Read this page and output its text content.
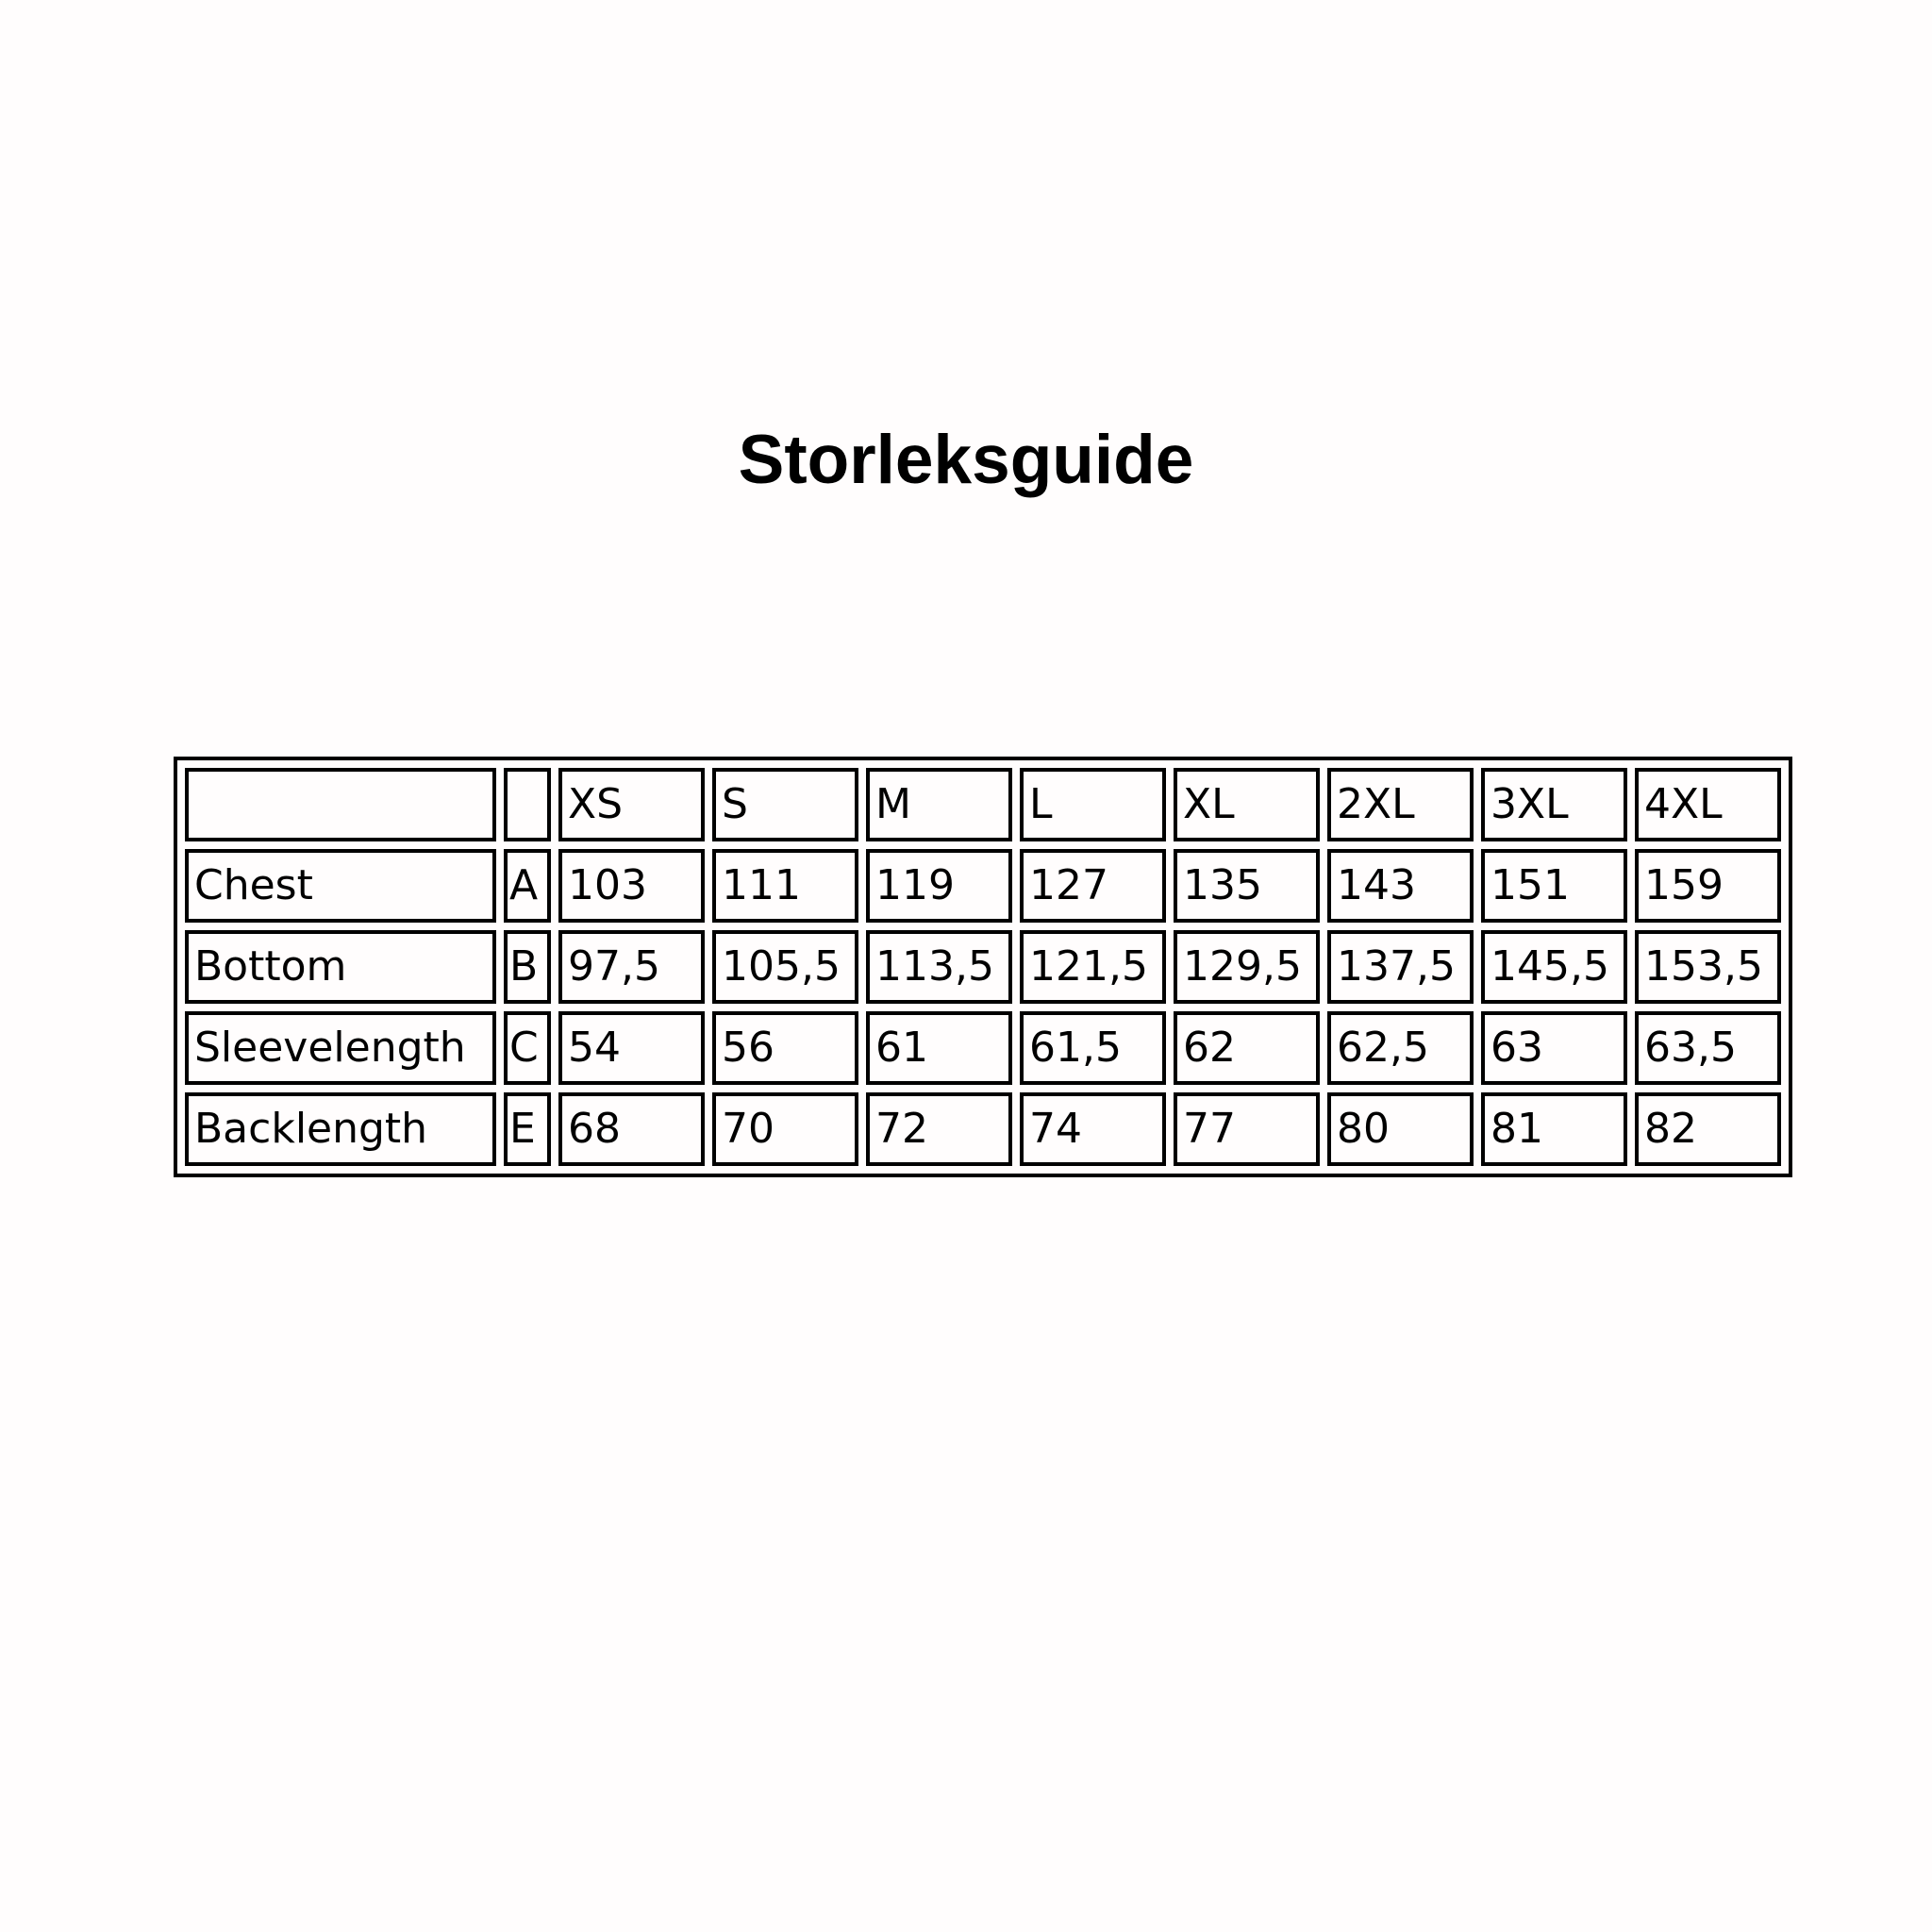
Storleksguide
		XS	S	M	L	XL	2XL	3XL	4XL
Chest	A	103	111	119	127	135	143	151	159
Bottom	B	97,5	105,5	113,5	121,5	129,5	137,5	145,5	153,5
Sleevelength	C	54	56	61	61,5	62	62,5	63	63,5
Backlength	E	68	70	72	74	77	80	81	82
